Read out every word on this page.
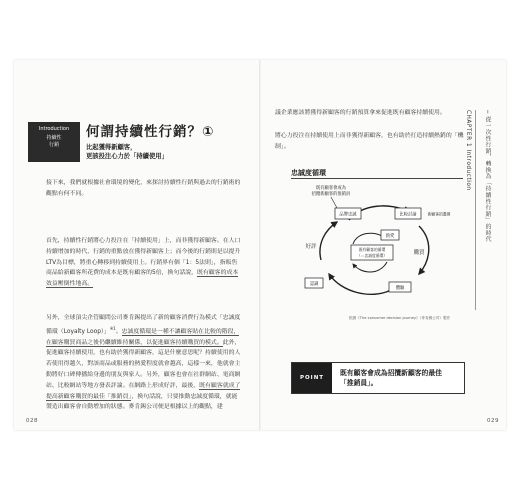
Introduction
持續性
行銷
何謂持續性行銷？①
比起獲得新顧客，
更該投注心力於「持續使用」

接下來，我們就根據社會環境的變化，來探討持續性行銷與過去的行銷術的觀點有何不同。

首先，持續性行銷將心力投注在「持續使用」上，而非獲得新顧客。在人口持續增加的時代，行銷的重點放在獲得新顧客上；而今後的行銷則是以提升LTV為目標，將重心轉移到持續使用上。行銷界有個「1：5法則」，指販售商品給新顧客所花費的成本是既有顧客的5倍，換句話說，既有顧客的成本效益壓倒性地高。

另外，全球頂尖企管顧問公司麥肯錫提出了新的顧客消費行為模式「忠誠度循環（Loyalty Loop）」$^{※1}$。忠誠度循環是一種不讓顧客貼在比較的階段，在顧客購買商品之後仍繼續維持關係，以促進顧客持續購買的模式。此外，促進顧客持續使用，也有助於獲得新顧客，這是什麼意思呢？持續使用的人若使用得越久，對該商品或服務的熱愛程度就會越高，這樣一來，他就會主動將好口碑傳播給身邊的朋友與家人。另外，顧客也會在社群網站、電商網站、比較網站等地方發表評論。在網路上形成好評，最後，既有顧客就成了提高新顧客購買的最佳「推銷員」，換句話說，只要推動忠誠度循環，就能製造出顧客會自動增加的狀態。麥肯錫公司便是根據以上的觀點，建

028

議企業應該將獲得新顧客的行銷預算拿來促進既有顧客持續使用。

將心力投注在持續使用上而非獲得新顧客，也有助於打造持續熱銷的「機制」。

忠誠度循環
既有顧客會成為
招攬新顧客的推銷員
品牌忠誠	比較討論	新顧客的選擇
熱愛
好評	既有顧客的循環
（＝忠誠度循環）	購買
認識
體驗
根據《The consumer decision journey》（麥肯錫公司）製作
POINT
既有顧客會成為招攬新顧客的最佳
「推銷員」。
CHAPTER 1 Introduction ─ 從一次性行銷，轉換為「持續性行銷」的時代
029
